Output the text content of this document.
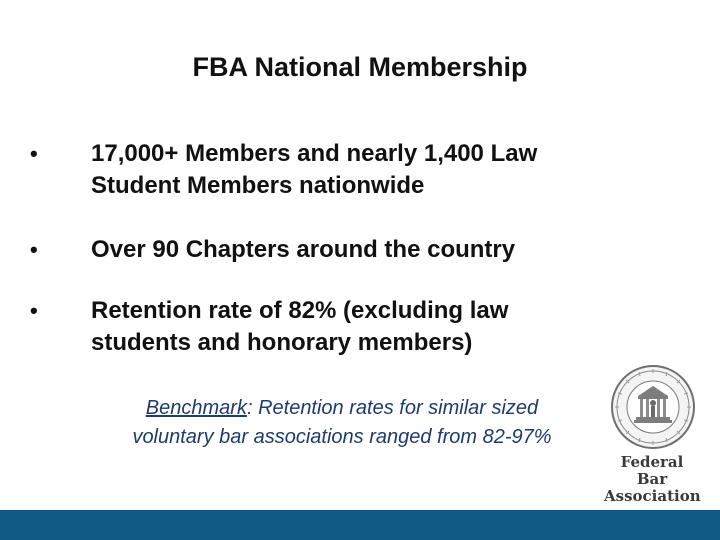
FBA National Membership
•	17,000+ Members and nearly 1,400 Law
Student Members nationwide
•	Over 90 Chapters around the country
•	Retention rate of 82% (excluding law
students and honorary members)
Benchmark: Retention rates for similar sized
voluntary bar associations ranged from 82-97%
Federal Bar
Association
